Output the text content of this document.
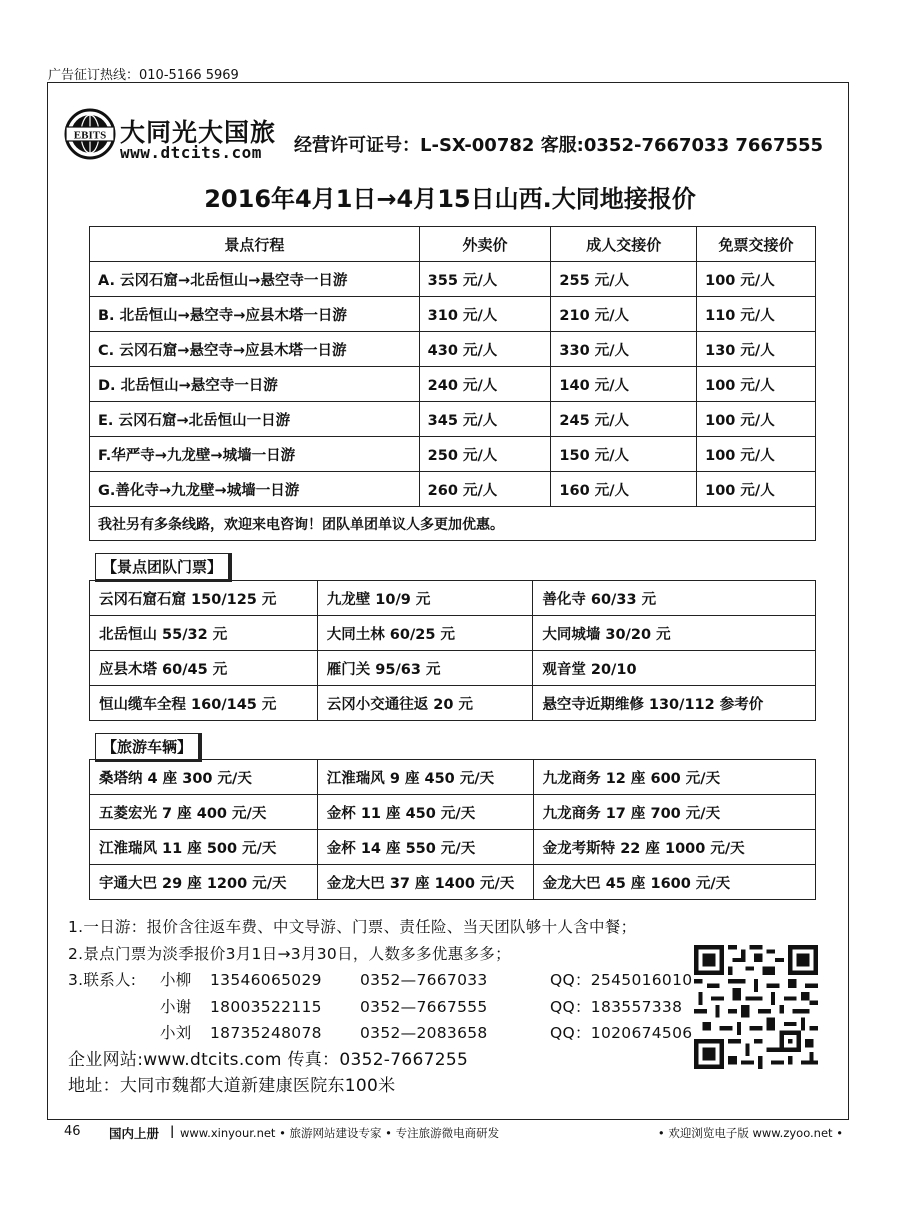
广告征订热线：010-5166 5969
EBITS 大同光大国旅
www.dtcits.com 经营许可证号：L-SX-00782 客服:0352-7667033 7667555
2016年4月1日→4月15日山西.大同地接报价
景点行程	外卖价	成人交接价	免票交接价
A. 云冈石窟→北岳恒山→悬空寺一日游	355 元/人	255 元/人	100 元/人
B. 北岳恒山→悬空寺→应县木塔一日游	310 元/人	210 元/人	110 元/人
C. 云冈石窟→悬空寺→应县木塔一日游	430 元/人	330 元/人	130 元/人
D. 北岳恒山→悬空寺一日游	240 元/人	140 元/人	100 元/人
E. 云冈石窟→北岳恒山一日游	345 元/人	245 元/人	100 元/人
F.华严寺→九龙壁→城墙一日游	250 元/人	150 元/人	100 元/人
G.善化寺→九龙壁→城墙一日游	260 元/人	160 元/人	100 元/人
我社另有多条线路，欢迎来电咨询！团队单团单议人多更加优惠。			
【景点团队门票】
云冈石窟石窟 150/125 元	九龙壁 10/9 元	善化寺 60/33 元
北岳恒山 55/32 元	大同土林 60/25 元	大同城墙 30/20 元
应县木塔 60/45 元	雁门关 95/63 元	观音堂 20/10
恒山缆车全程 160/145 元	云冈小交通往返 20 元	悬空寺近期维修 130/112 参考价
【旅游车辆】
桑塔纳 4 座 300 元/天	江淮瑞风 9 座 450 元/天	九龙商务 12 座 600 元/天
五菱宏光 7 座 400 元/天	金杯 11 座 450 元/天	九龙商务 17 座 700 元/天
江淮瑞风 11 座 500 元/天	金杯 14 座 550 元/天	金龙考斯特 22 座 1000 元/天
宇通大巴 29 座 1200 元/天	金龙大巴 37 座 1400 元/天	金龙大巴 45 座 1600 元/天
1.一日游：报价含往返车费、中文导游、门票、责任险、当天团队够十人含中餐；
2.景点门票为淡季报价3月1日→3月30日，人数多多优惠多多；
3.联系人: 小柳 13546065029 0352—7667033	QQ：2545016010
小谢 18003522115 0352—7667555	QQ：183557338
小刘 18735248078 0352—2083658	QQ：1020674506
企业网站:www.dtcits.com 传真：0352-7667255
地址：大同市魏都大道新建康医院东100米
46 国内上册 | www.xinyour.net • 旅游网站建设专家 • 专注旅游微电商研发	• 欢迎浏览电子版 www.zyoo.net •
